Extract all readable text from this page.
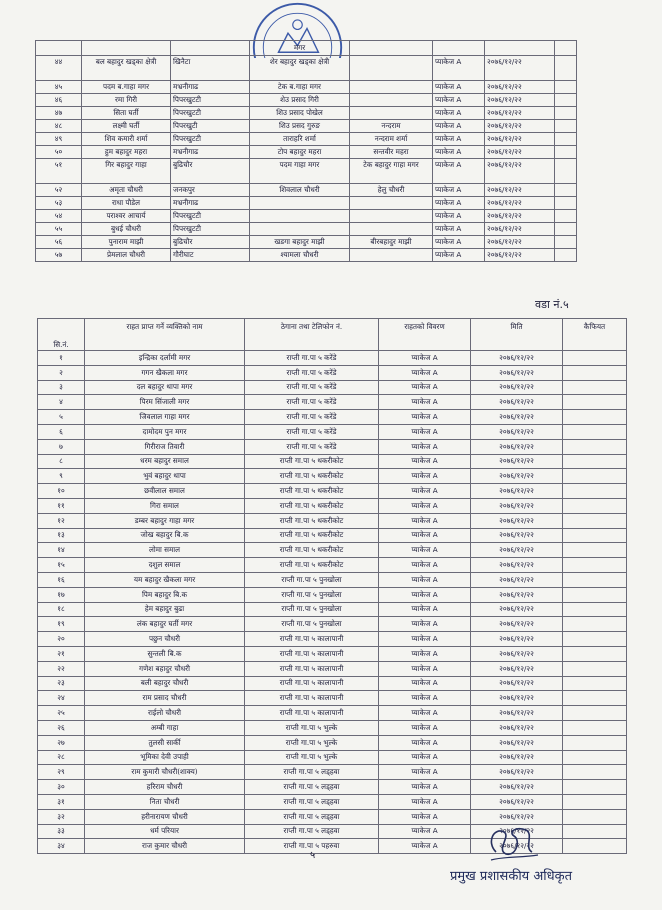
			मगर				
४४	बल बहादुर खड्का क्षेत्री	खिनैटा	शेर बहादुर खड्का क्षेत्री		प्याकेज A	२०७६/१२/२२	
४५	पदम ब.गाहा मगर	मभ्रनीगाढ	टेक ब.गाहा मगर		प्याकेज A	२०७६/१२/२२	
४६	रमा गिरी	पिपरखुटटी	शेउ प्रसाद गिरी		प्याकेज A	२०७६/१२/२२	
४७	सिता घर्ती	पिपरखुटटी	शिउ प्रसाद पोखेल		प्याकेज A	२०७६/१२/२२	
४८	लक्ष्मी घर्ती	पिपरखुटी	शिउ प्रसद गुरुङ	नन्दराम	प्याकेज A	२०७६/१२/२२	
४९	शिव कमारी शर्मा	पिपरखुटटी	ताराहरि शर्मा	नन्दराम शर्मा	प्याकेज A	२०७६/१२/२२	
५०	हुम बहादुर महरा	मभ्रनीगाढ	टोप बहादुर महरा	सन्तवीर महरा	प्याकेज A	२०७६/१२/२२	
५१	गिर बहादुर गाहा	बुढिचौर	पदम गाहा मगर	टेक बहादुर गाहा मगर	प्याकेज A	२०७६/१२/२२	
५२	अमृता चौधरी	जनकपुर	शिवलाल चौधरी	हेलु चौधरी	प्याकेज A	२०७६/१२/२२	
५३	राधा पौडेल	मभ्रनीगाढ			प्याकेज A	२०७६/१२/२२	
५४	पराश्वर आचार्य	पिपरखुटटी			प्याकेज A	२०७६/१२/२२	
५५	बुधई चौधरी	पिपरखुटटी			प्याकेज A	२०७६/१२/२२	
५६	पुनाराम माझी	बुढिचौर	खडगा बहादुर माझी	बीरबहादुर माझी	प्याकेज A	२०७६/१२/२२	
५७	प्रेमलाल चौधरी	गौरीघाट	श्यामला चौधरी		प्याकेज A	२०७६/१२/२२	
वडा नं.५
सि.नं.	राहत प्राप्त गर्ने व्यक्तिको नाम	ठेगाना तथा टेलिफोन नं.	राहतको विवरण	मिति	कैफियत
१	इन्द्रिका दर्लामी मगर	राप्ती गा.पा ५ करेंडे	प्याकेज A	२०७६/१२/२२	
२	गगन खैकला मगर	राप्ती गा.पा ५ करेंडे	प्याकेज A	२०७६/१२/२२	
३	दल बहादुर थापा मगर	राप्ती गा.पा ५ करेंडे	प्याकेज A	२०७६/१२/२२	
४	पिरम सिंजाली मगर	राप्ती गा.पा ५ करेंडे	प्याकेज A	२०७६/१२/२२	
५	जिवलाल गाहा मगर	राप्ती गा.पा ५ करेंडे	प्याकेज A	२०७६/१२/२२	
६	दामोदम पुन मगर	राप्ती गा.पा ५ करेंडे	प्याकेज A	२०७६/१२/२२	
७	गिरीराज तिवारी	राप्ती गा.पा ५ करेंडे	प्याकेज A	२०७६/१२/२२	
८	धरम बहादुर समाल	राप्ती गा.पा ५ थकरीकोट	प्याकेज A	२०७६/१२/२२	
९	भुवं बहादुर थापा	राप्ती गा.पा ५ थकरीकोट	प्याकेज A	२०७६/१२/२२	
१०	छवीलाल समाल	राप्ती गा.पा ५ थकरीकोट	प्याकेज A	२०७६/१२/२२	
११	गिरा समाल	राप्ती गा.पा ५ थकरीकोट	प्याकेज A	२०७६/१२/२२	
१२	डम्बर बहादुर गाहा मगर	राप्ती गा.पा ५ थकरीकोट	प्याकेज A	२०७६/१२/२२	
१३	जोख बहादुर बि.क	राप्ती गा.पा ५ थकरीकोट	प्याकेज A	२०७६/१२/२२	
१४	लोमा समाल	राप्ती गा.पा ५ थकरीकोट	प्याकेज A	२०७६/१२/२२	
१५	दशुल समाल	राप्ती गा.पा ५ थकरीकोट	प्याकेज A	२०७६/१२/२२	
१६	यम बहादुर खैकला मगर	राप्ती गा.पा ५ पुनखोला	प्याकेज A	२०७६/१२/२२	
१७	पिम बहादुर बि.क	राप्ती गा.पा ५ पुनखोला	प्याकेज A	२०७६/१२/२२	
१८	हेम बहादुर बुढा	राप्ती गा.पा ५ पुनखोला	प्याकेज A	२०७६/१२/२२	
१९	लंक बहादुर घर्ती मगर	राप्ती गा.पा ५ पुनखोला	प्याकेज A	२०७६/१२/२२	
२०	पछुन चौधरी	राप्ती गा.पा ५ कालापानी	प्याकेज A	२०७६/१२/२२	
२१	सुन्तली बि.क	राप्ती गा.पा ५ कालापानी	प्याकेज A	२०७६/१२/२२	
२२	गणेश बहादुर चौधरी	राप्ती गा.पा ५ कालापानी	प्याकेज A	२०७६/१२/२२	
२३	बली बहादुर चौधरी	राप्ती गा.पा ५ कालापानी	प्याकेज A	२०७६/१२/२२	
२४	राम प्रसाद चौधरी	राप्ती गा.पा ५ कालापानी	प्याकेज A	२०७६/१२/२२	
२५	राईलो चौधरी	राप्ती गा.पा ५ कालापानी	प्याकेज A	२०७६/१२/२२	
२६	अम्बी गाहा	राप्ती गा.पा ५ भुल्के	प्याकेज A	२०७६/१२/२२	
२७	तुलसी सार्की	राप्ती गा.पा ५ भुल्के	प्याकेज A	२०७६/१२/२२	
२८	भूमिका देवी उपाही	राप्ती गा.पा ५ भुल्के	प्याकेज A	२०७६/१२/२२	
२९	राम कुमारी चौधरी(शाक्य)	राप्ती गा.पा ५ लड्हवा	प्याकेज A	२०७६/१२/२२	
३०	हरिराम चौधरी	राप्ती गा.पा ५ लड्हवा	प्याकेज A	२०७६/१२/२२	
३१	निता चौधरी	राप्ती गा.पा ५ लड्हवा	प्याकेज A	२०७६/१२/२२	
३२	हरीनारायण चौधरी	राप्ती गा.पा ५ लड्हवा	प्याकेज A	२०७६/१२/२२	
३३	धर्म परियार	राप्ती गा.पा ५ लड्हवा	प्याकेज A	२०७६/१२/२२	
३४	राज कुमार चौधरी	राप्ती गा.पा ५ पहरुवा	प्याकेज A	२०७६/१२/२२	
५
प्रमुख प्रशासकीय अधिकृत
